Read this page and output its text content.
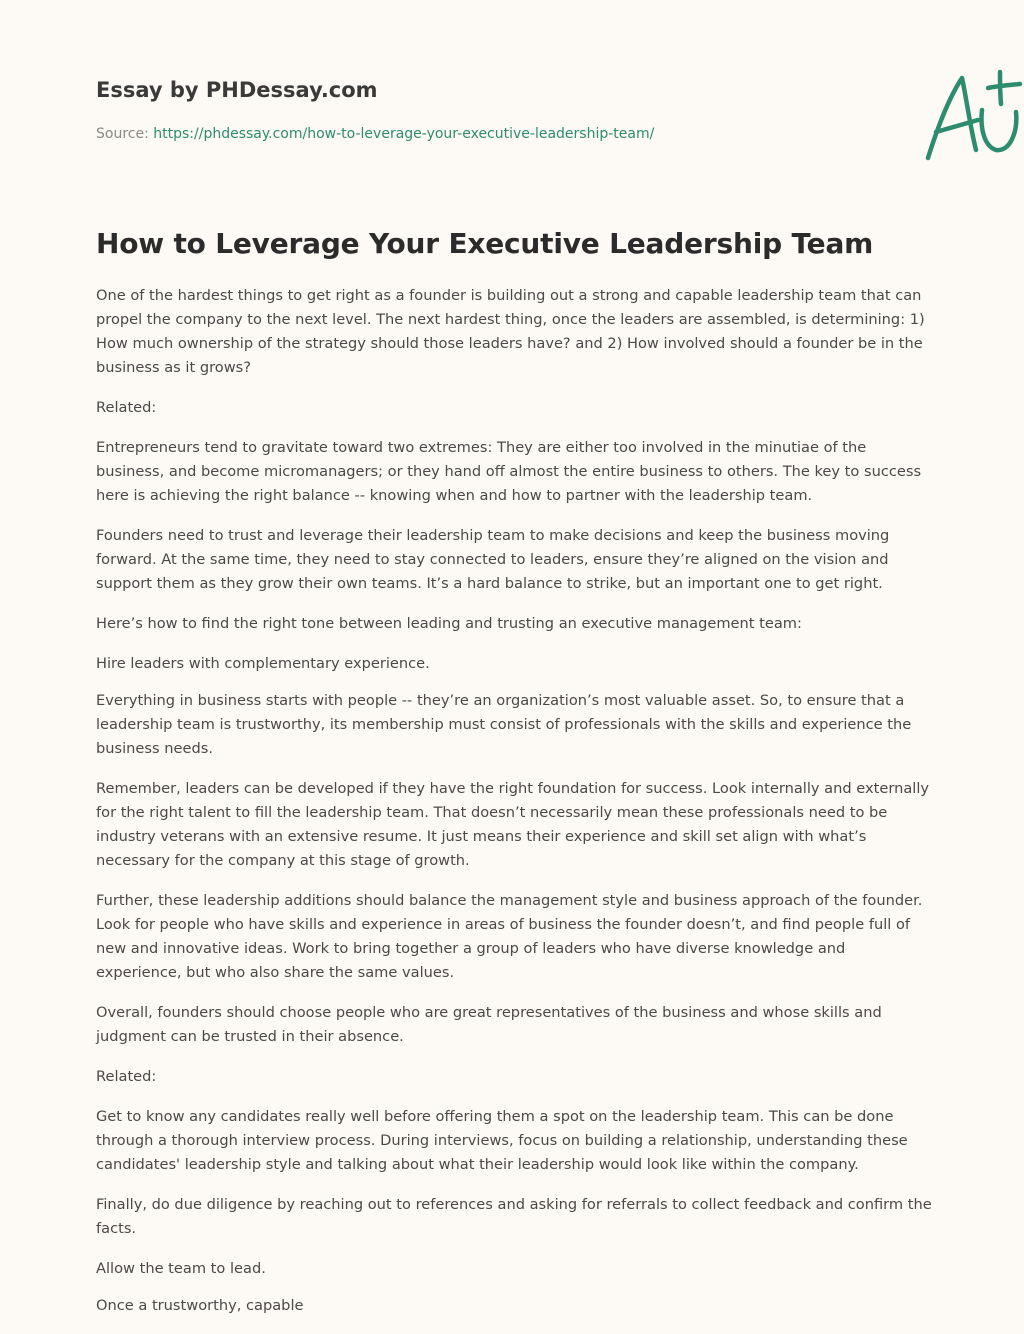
Essay by PHDessay.com
Source: https://phdessay.com/how-to-leverage-your-executive-leadership-team/
How to Leverage Your Executive Leadership Team

One of the hardest things to get right as a founder is building out a strong and capable leadership team that can propel the company to the next level. The next hardest thing, once the leaders are assembled, is determining: 1) How much ownership of the strategy should those leaders have? and 2) How involved should a founder be in the business as it grows?

Related:

Entrepreneurs tend to gravitate toward two extremes: They are either too involved in the minutiae of the business, and become micromanagers; or they hand off almost the entire business to others. The key to success here is achieving the right balance -- knowing when and how to partner with the leadership team.

Founders need to trust and leverage their leadership team to make decisions and keep the business moving forward. At the same time, they need to stay connected to leaders, ensure they’re aligned on the vision and support them as they grow their own teams. It’s a hard balance to strike, but an important one to get right.

Here’s how to find the right tone between leading and trusting an executive management team:

Hire leaders with complementary experience.

Everything in business starts with people -- they’re an organization’s most valuable asset. So, to ensure that a leadership team is trustworthy, its membership must consist of professionals with the skills and experience the business needs.

Remember, leaders can be developed if they have the right foundation for success. Look internally and externally for the right talent to fill the leadership team. That doesn’t necessarily mean these professionals need to be industry veterans with an extensive resume. It just means their experience and skill set align with what’s necessary for the company at this stage of growth.

Further, these leadership additions should balance the management style and business approach of the founder. Look for people who have skills and experience in areas of business the founder doesn’t, and find people full of new and innovative ideas. Work to bring together a group of leaders who have diverse knowledge and experience, but who also share the same values.

Overall, founders should choose people who are great representatives of the business and whose skills and judgment can be trusted in their absence.

Related:

Get to know any candidates really well before offering them a spot on the leadership team. This can be done through a thorough interview process. During interviews, focus on building a relationship, understanding these candidates' leadership style and talking about what their leadership would look like within the company.

Finally, do due diligence by reaching out to references and asking for referrals to collect feedback and confirm the facts.

Allow the team to lead.

Once a trustworthy, capable
